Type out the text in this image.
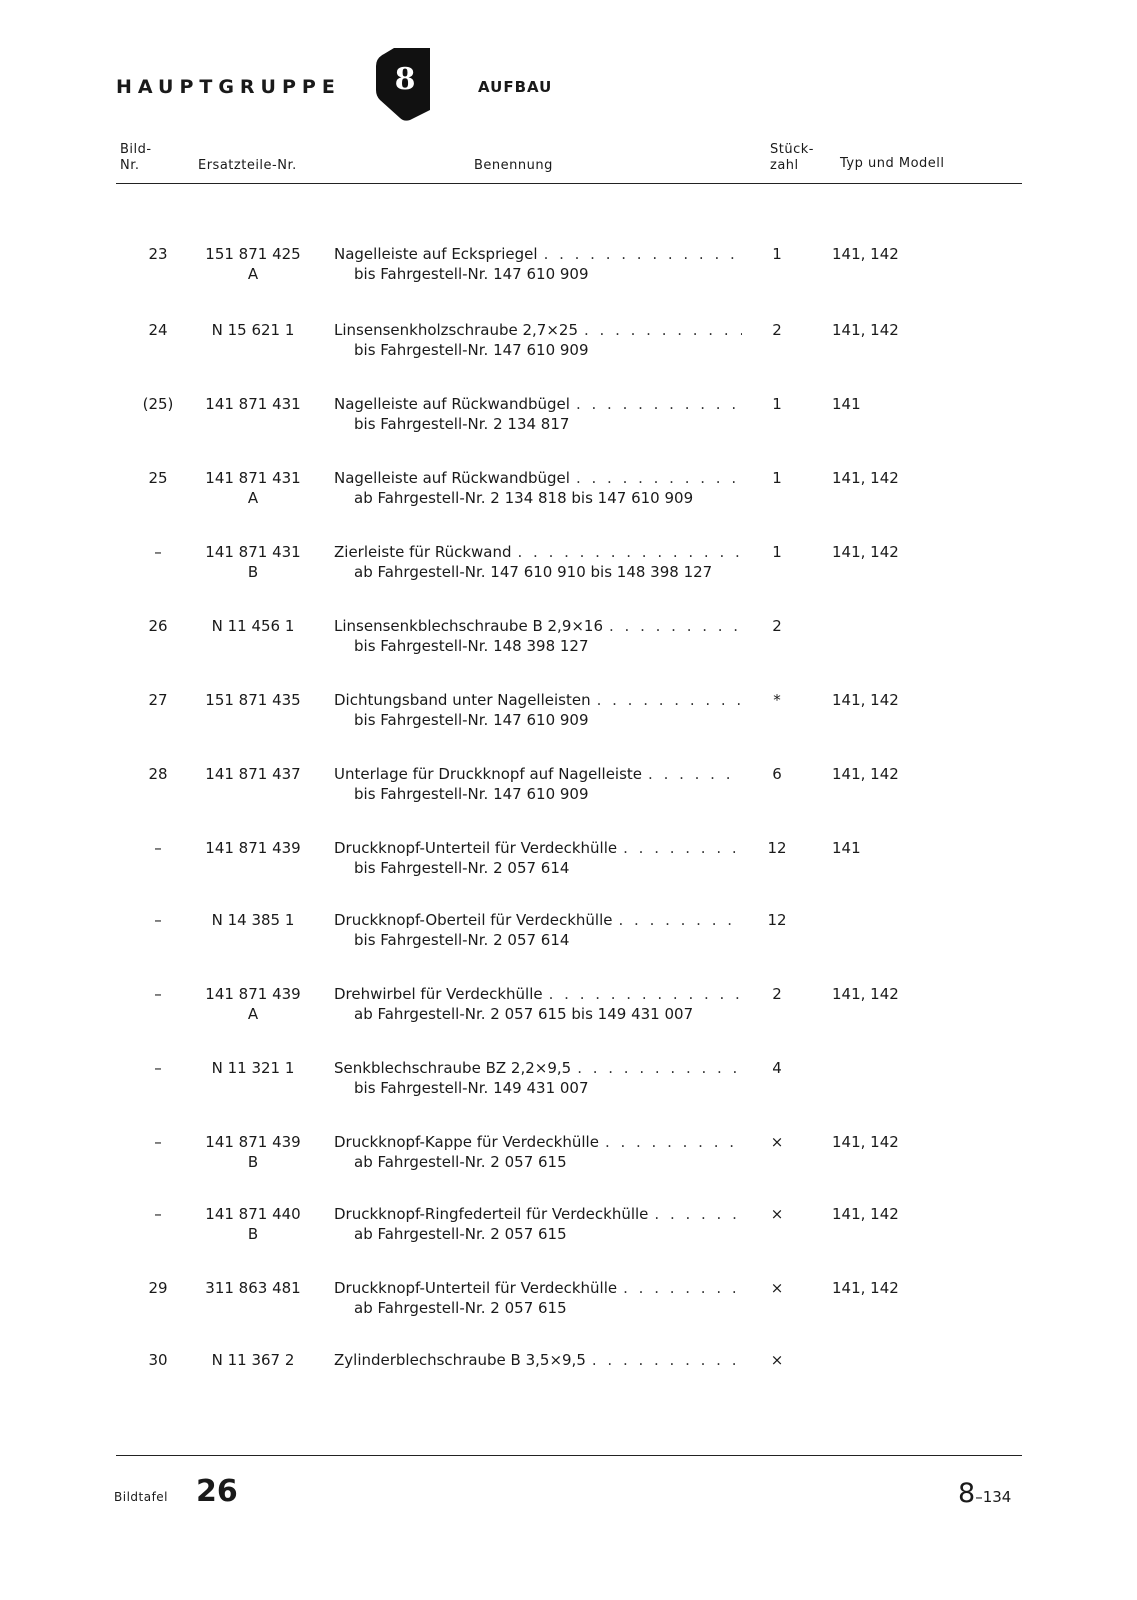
HAUPTGRUPPE	8	AUFBAU
Bild-
Nr.	Ersatzteile-Nr.	Benennung
Stück-
zahl	Typ und Modell
23	151 871 425 A
Nagelleiste auf Eckspriegel
. . .
bis Fahrgestell-Nr. 147 610 909
1	141, 142
24	N 15 621 1	Linsensenkholzschraube 2,7×25
. . .
bis Fahrgestell-Nr. 147 610 909
2	141, 142
(25)	141 871 431	Nagelleiste auf Rückwandbügel
. . .
bis Fahrgestell-Nr. 2 134 817
1	141
25	141 871 431 A
Nagelleiste auf Rückwandbügel
. . .
ab Fahrgestell-Nr. 2 134 818 bis 147 610 909
1	141, 142
–	141 871 431 B
Zierleiste für Rückwand
. . .
ab Fahrgestell-Nr. 147 610 910 bis 148 398 127
1	141, 142
26	N 11 456 1	Linsensenkblechschraube B 2,9×16
. . .
bis Fahrgestell-Nr. 148 398 127
2
27	151 871 435	Dichtungsband unter Nagelleisten
. . .
bis Fahrgestell-Nr. 147 610 909
*	141, 142
28	141 871 437	Unterlage für Druckknopf auf Nagelleiste
. . .
bis Fahrgestell-Nr. 147 610 909
6	141, 142
–	141 871 439	Druckknopf-Unterteil für Verdeckhülle
. . .
bis Fahrgestell-Nr. 2 057 614
12	141
–	N 14 385 1	Druckknopf-Oberteil für Verdeckhülle
. . .
bis Fahrgestell-Nr. 2 057 614
12
–	141 871 439 A
Drehwirbel für Verdeckhülle
. . .
ab Fahrgestell-Nr. 2 057 615 bis 149 431 007
2	141, 142
–	N 11 321 1	Senkblechschraube BZ 2,2×9,5
. . .
bis Fahrgestell-Nr. 149 431 007
4
–	141 871 439 B
Druckknopf-Kappe für Verdeckhülle
. . .
ab Fahrgestell-Nr. 2 057 615
×	141, 142
–	141 871 440 B
Druckknopf-Ringfederteil für Verdeckhülle
. . .
ab Fahrgestell-Nr. 2 057 615
×	141, 142
29	311 863 481	Druckknopf-Unterteil für Verdeckhülle
. . .
ab Fahrgestell-Nr. 2 057 615
×	141, 142
30	N 11 367 2	Zylinderblechschraube B 3,5×9,5
. . .	×
Bildtafel 26	8–134
